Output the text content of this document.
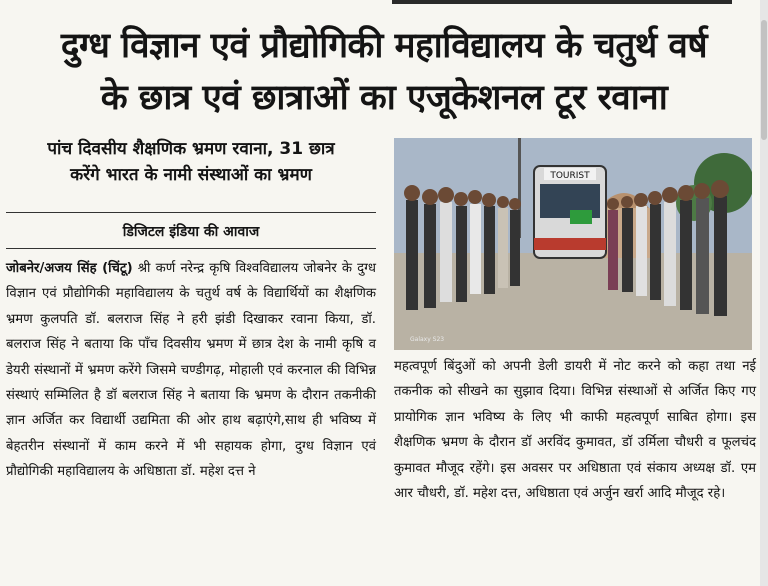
दुग्ध विज्ञान एवं प्रौद्योगिकी महाविद्यालय के चतुर्थ वर्ष
के छात्र एवं छात्राओं का एजूकेशनल टूर रवाना
पांच दिवसीय शैक्षणिक भ्रमण रवाना, 31 छात्र
करेंगे भारत के नामी संस्थाओं का भ्रमण
डिजिटल इंडिया की आवाज
जोबनेर/अजय सिंह (चिंटू) श्री कर्ण नरेन्द्र कृषि विश्वविद्यालय जोबनेर के दुग्ध विज्ञान एवं प्रौद्योगिकी महाविद्यालय के चतुर्थ वर्ष के विद्यार्थियों का शैक्षणिक भ्रमण कुलपति डॉ. बलराज सिंह ने हरी झंडी दिखाकर रवाना किया, डॉ. बलराज सिंह ने बताया कि पाँच दिवसीय भ्रमण में छात्र देश के नामी कृषि व डेयरी संस्थानों में भ्रमण करेंगे जिसमे चण्डीगढ़, मोहाली एवं करनाल की विभिन्न संस्थाएं सम्मिलित है डॉ बलराज सिंह ने बताया कि भ्रमण के दौरान तकनीकी ज्ञान अर्जित कर विद्यार्थी उद्यमिता की ओर हाथ बढ़ाएंगे,साथ ही भविष्य में बेहतरीन संस्थानों में काम करने में भी सहायक होगा, दुग्ध विज्ञान एवं प्रौद्योगिकी महाविद्यालय के अधिष्ठाता डॉ. महेश दत्त ने
TOURIST
Galaxy S23
महत्वपूर्ण बिंदुओं को अपनी डेली डायरी में नोट करने को कहा तथा नई तकनीक को सीखने का सुझाव दिया। विभिन्न संस्थाओं से अर्जित किए गए प्रायोगिक ज्ञान भविष्य के लिए भी काफी महत्वपूर्ण साबित होगा। इस शैक्षणिक भ्रमण के दौरान डॉ अरविंद कुमावत, डॉ उर्मिला चौधरी व फूलचंद कुमावत मौजूद रहेंगे। इस अवसर पर अधिष्ठाता एवं संकाय अध्यक्ष डॉ. एम आर चौधरी, डॉ. महेश दत्त, अधिष्ठाता एवं अर्जुन खर्रा आदि मौजूद रहे।
